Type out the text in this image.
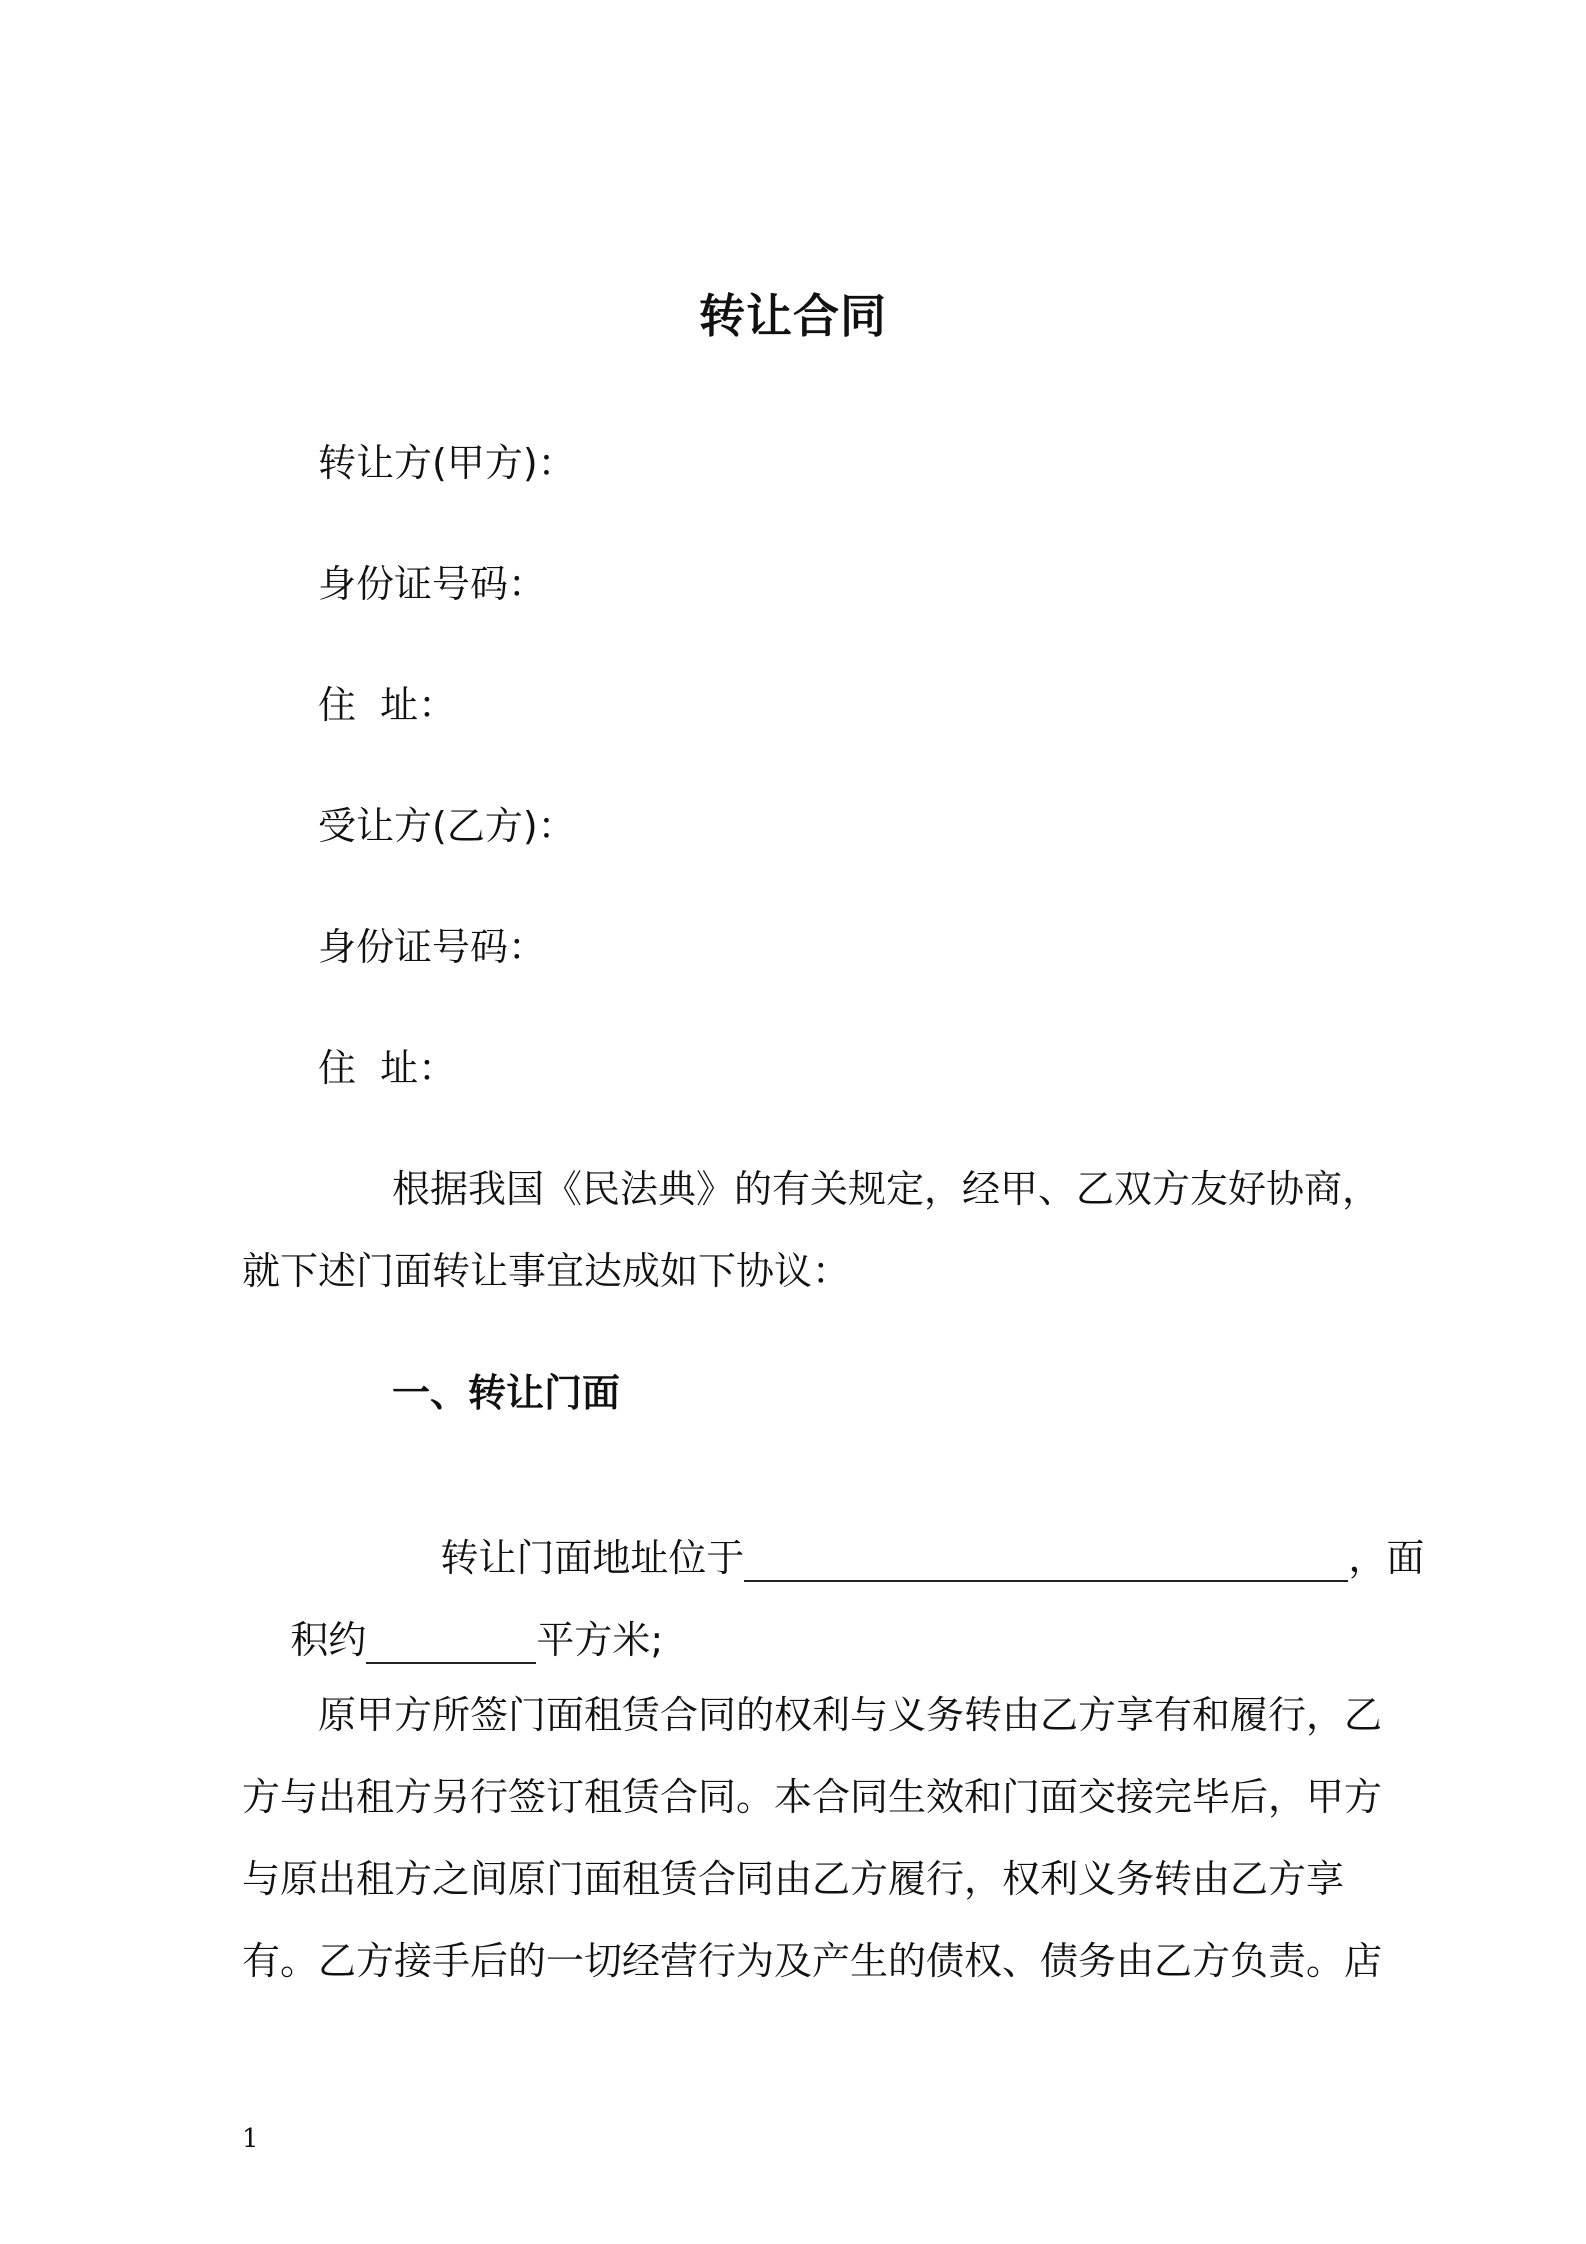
转让合同
转让方(甲方)：
身份证号码：
住  址：
受让方(乙方)：
身份证号码：
住  址：
根据我国《民法典》的有关规定，经甲、乙双方友好协商，
就下述门面转让事宜达成如下协议：
一、转让门面

转让门面地址位于	，面

积约	平方米;

原甲方所签门面租赁合同的权利与义务转由乙方享有和履行，乙
方与出租方另行签订租赁合同。本合同生效和门面交接完毕后，甲方
与原出租方之间原门面租赁合同由乙方履行，权利义务转由乙方享
有。乙方接手后的一切经营行为及产生的债权、债务由乙方负责。店
1
